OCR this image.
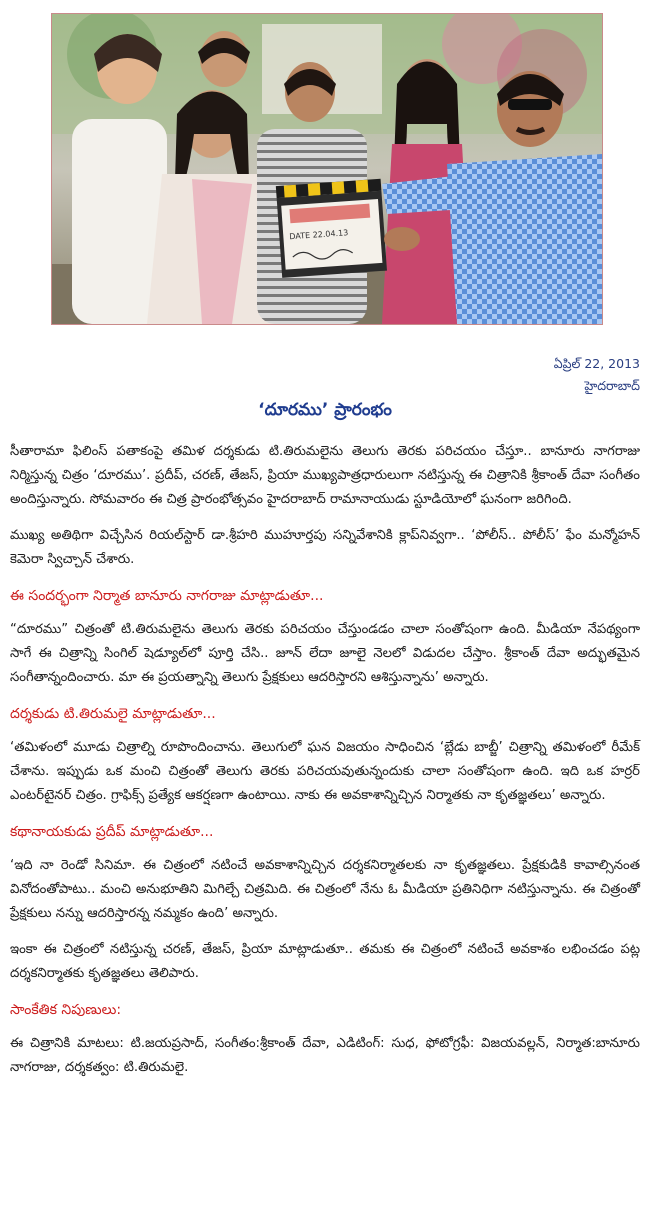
DATE 22.04.13
ఏప్రిల్ 22, 2013
హైదరాబాద్
‘దూరము’ ప్రారంభం

సీతారామా ఫిలింస్ పతాకంపై తమిళ దర్శకుడు టి.తిరుమలైను తెలుగు తెరకు పరిచయం చేస్తూ.. బానూరు నాగరాజు నిర్మిస్తున్న చిత్రం ‘దూరము’. ప్రదీప్, చరణ్, తేజస్, ప్రియా ముఖ్యపాత్రధారులుగా నటిస్తున్న ఈ చిత్రానికి శ్రీకాంత్ దేవా సంగీతం అందిస్తున్నారు. సోమవారం ఈ చిత్ర ప్రారంభోత్సవం హైదరాబాద్ రామానాయుడు స్టూడియోలో ఘనంగా జరిగింది.

ముఖ్య అతిథిగా విచ్చేసిన రియల్‌స్టార్ డా.శ్రీహరి ముహూర్తపు సన్నివేశానికి క్లాప్‌నివ్వగా.. ‘పోలీస్.. పోలీస్’ ఫేం మన్మోహన్ కెమెరా స్విచ్చాన్ చేశారు.

ఈ సందర్భంగా నిర్మాత బానూరు నాగరాజు మాట్లాడుతూ...

“దూరము” చిత్రంతో టి.తిరుమలైను తెలుగు తెరకు పరిచయం చేస్తుండడం చాలా సంతోషంగా ఉంది. మీడియా నేపథ్యంగా సాగే ఈ చిత్రాన్ని సింగిల్ షెడ్యూల్‌లో పూర్తి చేసి.. జూన్ లేదా జూలై నెలలో విడుదల చేస్తాం. శ్రీకాంత్ దేవా అద్భుతమైన సంగీతాన్నందించారు. మా ఈ ప్రయత్నాన్ని తెలుగు ప్రేక్షకులు ఆదరిస్తారని ఆశిస్తున్నాను’ అన్నారు.

దర్శకుడు టి.తిరుమలై మాట్లాడుతూ...

‘తమిళంలో మూడు చిత్రాల్ని రూపొందించాను. తెలుగులో ఘన విజయం సాధించిన ‘బ్లేడు బాబ్జీ’ చిత్రాన్ని తమిళంలో రీమేక్ చేశాను. ఇప్పుడు ఒక మంచి చిత్రంతో తెలుగు తెరకు పరిచయవుతున్నందుకు చాలా సంతోషంగా ఉంది. ఇది ఒక హర్రర్ ఎంటర్‌టైనర్ చిత్రం. గ్రాఫిక్స్ ప్రత్యేక ఆకర్షణగా ఉంటాయి. నాకు ఈ అవకాశాన్నిచ్చిన నిర్మాతకు నా కృతజ్ఞతలు’ అన్నారు.

కథానాయకుడు ప్రదీప్ మాట్లాడుతూ...

‘ఇది నా రెండో సినిమా. ఈ చిత్రంలో నటించే అవకాశాన్నిచ్చిన దర్శకనిర్మాతలకు నా కృతజ్ఞతలు. ప్రేక్షకుడికి కావాల్సినంత వినోదంతోపాటు.. మంచి అనుభూతిని మిగిల్చే చిత్రమిది. ఈ చిత్రంలో నేను ఓ మీడియా ప్రతినిధిగా నటిస్తున్నాను. ఈ చిత్రంతో ప్రేక్షకులు నన్ను ఆదరిస్తారన్న నమ్మకం ఉంది’ అన్నారు.

ఇంకా ఈ చిత్రంలో నటిస్తున్న చరణ్, తేజస్, ప్రియా మాట్లాడుతూ.. తమకు ఈ చిత్రంలో నటించే అవకాశం లభించడం పట్ల దర్శకనిర్మాతకు కృతజ్ఞతలు తెలిపారు.

సాంకేతిక నిపుణులు:

ఈ చిత్రానికి మాటలు: టి.జయప్రసాద్, సంగీతం:శ్రీకాంత్ దేవా, ఎడిటింగ్: సుధ, ఫోటోగ్రఫీ: విజయవల్లన్, నిర్మాత:బానూరు నాగరాజు, దర్శకత్వం: టి.తిరుమలై.
